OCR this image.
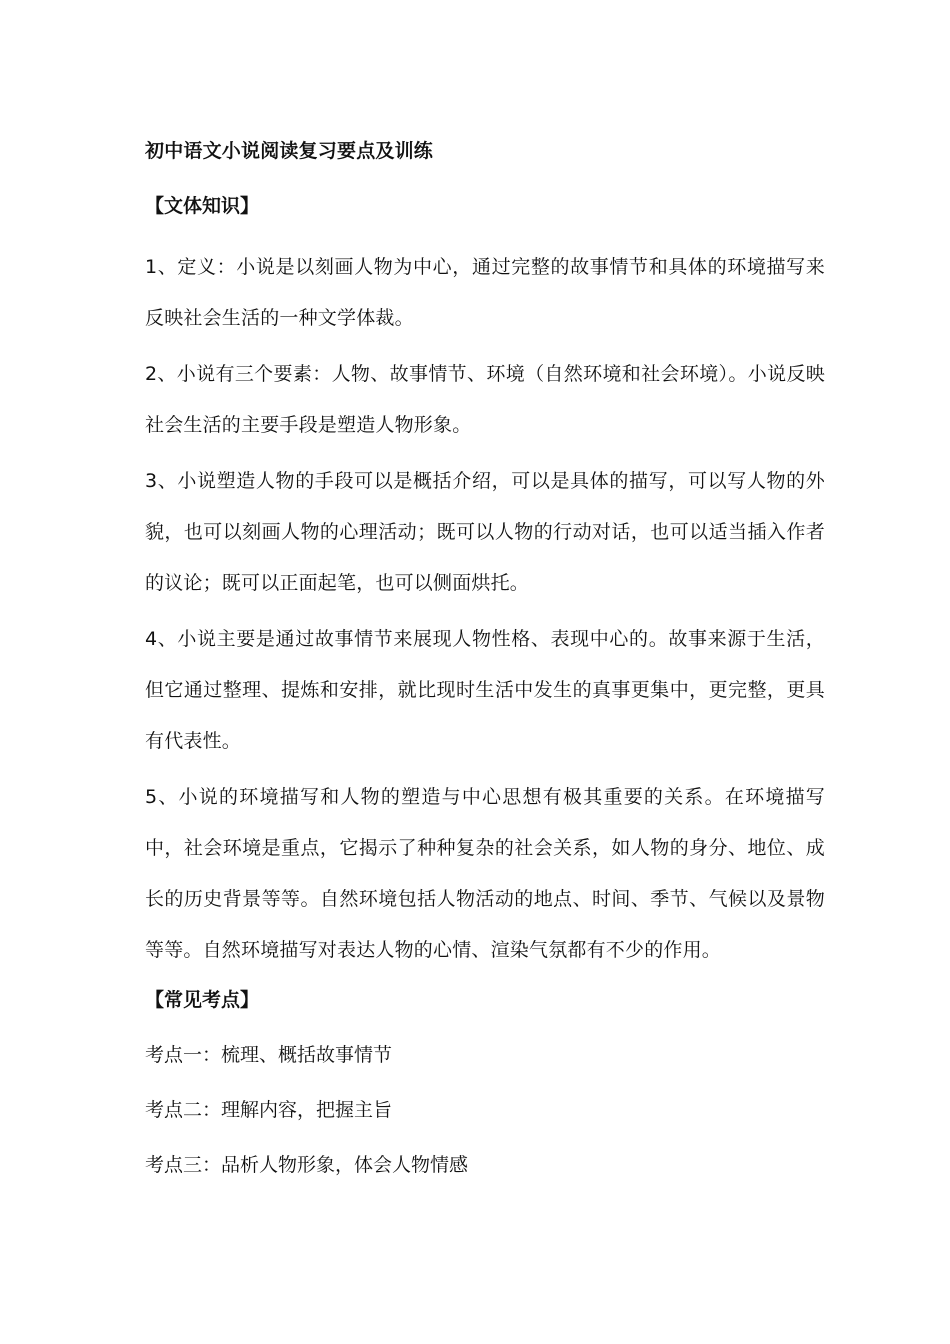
初中语文小说阅读复习要点及训练
【文体知识】

1、定义：小说是以刻画人物为中心，通过完整的故事情节和具体的环境描写来反映社会生活的一种文学体裁。

2、小说有三个要素：人物、故事情节、环境（自然环境和社会环境）。小说反映社会生活的主要手段是塑造人物形象。

3、小说塑造人物的手段可以是概括介绍，可以是具体的描写，可以写人物的外貌，也可以刻画人物的心理活动；既可以人物的行动对话，也可以适当插入作者的议论；既可以正面起笔，也可以侧面烘托。

4、小说主要是通过故事情节来展现人物性格、表现中心的。故事来源于生活，但它通过整理、提炼和安排，就比现时生活中发生的真事更集中，更完整，更具有代表性。

5、小说的环境描写和人物的塑造与中心思想有极其重要的关系。在环境描写中，社会环境是重点，它揭示了种种复杂的社会关系，如人物的身分、地位、成长的历史背景等等。自然环境包括人物活动的地点、时间、季节、气候以及景物等等。自然环境描写对表达人物的心情、渲染气氛都有不少的作用。

【常见考点】
考点一：梳理、概括故事情节
考点二：理解内容，把握主旨
考点三：品析人物形象，体会人物情感
